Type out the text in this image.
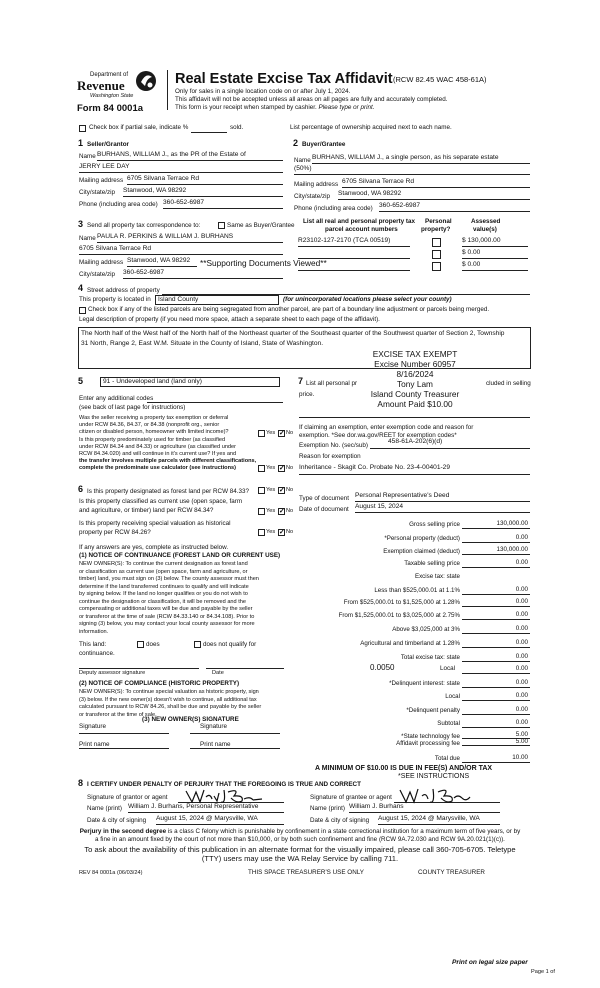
Department of
Revenue
Washington State
Form 84 0001a
Real Estate Excise Tax Affidavit (RCW 82.45 WAC 458-61A)
Only for sales in a single location code on or after July 1, 2024.
This affidavit will not be accepted unless all areas on all pages are fully and accurately completed.
This form is your receipt when stamped by cashier. Please type or print.
Check box if partial sale, indicate %	sold.	List percentage of ownership acquired next to each name.
1 Seller/Grantor
Name BURHANS, WILLIAM J., as the PR of the Estate of
JERRY LEE DAY
Mailing address 6705 Silvana Terrace Rd
City/state/zip Stanwood, WA 98292
Phone (including area code) 360-652-6987
2 Buyer/Grantee
Name BURHANS, WILLIAM J., a single person, as his separate estate
(50%)
Mailing address 6705 Silvana Terrace Rd
City/state/zip Stanwood, WA 98292
Phone (including area code) 360-652-6987
3 Send all property tax correspondence to:	Same as Buyer/Grantee
Name PAULA R. PERKINS & WILLIAM J. BURHANS
6705 Silvana Terrace Rd
Mailing address Stanwood, WA 98292 **Supporting Documents Viewed**
City/state/zip 360-652-6987
List all real and personal property tax
parcel account numbers
Personal
property?
Assessed
value(s)
R23102-127-2170 (TCA 00519)	$ 130,000.00
$ 0.00
$ 0.00
4 Street address of property
This property is located in Island County	(for unincorporated locations please select your county)
Check box if any of the listed parcels are being segregated from another parcel, are part of a boundary line adjustment or parcels being merged.
Legal description of property (if you need more space, attach a separate sheet to each page of the affidavit).
The North half of the West half of the North half of the Northeast quarter of the Southeast quarter of the Southwest quarter of Section 2, Township
31 North, Range 2, East W.M. Situate in the County of Island, State of Washington.
EXCISE TAX EXEMPT
Excise Number 60957
8/16/2024
Tony Lam
Island County Treasurer
Amount Paid $10.00
5	91 - Undeveloped land (land only)
Enter any additional codes
(see back of last page for instructions)
Was the seller receiving a property tax exemption or deferral
under RCW 84.36, 84.37, or 84.38 (nonprofit org., senior
citizen or disabled person, homeowner with limited income)?	Yes ✓ No
Is this property predominately used for timber (as classified
under RCW 84.34 and 84.33) or agriculture (as classified under
RCW 84.34.020) and will continue in it's current use? If yes and
the transfer involves multiple parcels with different classifications,
complete the predominate use calculator (see instructions)	Yes ✓ No
6 Is this property designated as forest land per RCW 84.33?	Yes ✓ No
Is this property classified as current use (open space, farm
and agriculture, or timber) land per RCW 84.34?	Yes ✓ No
Is this property receiving special valuation as historical
property per RCW 84.26?	Yes ✓ No
If any answers are yes, complete as instructed below.
(1) NOTICE OF CONTINUANCE (FOREST LAND OR CURRENT USE)
NEW OWNER(S): To continue the current designation as forest land
or classification as current use (open space, farm and agriculture, or
timber) land, you must sign on (3) below. The county assessor must then
determine if the land transferred continues to qualify and will indicate
by signing below. If the land no longer qualifies or you do not wish to
continue the designation or classification, it will be removed and the
compensating or additional taxes will be due and payable by the seller
or transferor at the time of sale (RCW 84.33.140 or 84.34.108). Prior to
signing (3) below, you may contact your local county assessor for more
information.
This land:	does	does not qualify for
continuance.
Deputy assessor signature	Date
(2) NOTICE OF COMPLIANCE (HISTORIC PROPERTY)
NEW OWNER(S): To continue special valuation as historic property, sign
(3) below. If the new owner(s) doesn't wish to continue, all additional tax
calculated pursuant to RCW 84.26, shall be due and payable by the seller
or transferor at the time of sale.
(3) NEW OWNER(S) SIGNATURE
Signature	Signature
Print name	Print name
7 List all personal pr	cluded in selling
price.
If claiming an exemption, enter exemption code and reason for
exemption. *See dor.wa.gov/REET for exemption codes*
Exemption No. (sec/sub)
458-61A-202(6)(d)
Reason for exemption
Inheritance - Skagit Co. Probate No. 23-4-00401-29
Type of document Personal Representative's Deed
Date of document August 15, 2024
Gross selling price	130,000.00
*Personal property (deduct)	0.00
Exemption claimed (deduct)	130,000.00
Taxable selling price	0.00
Excise tax: state
Less than $525,000.01 at 1.1%	0.00
From $525,000.01 to $1,525,000 at 1.28%	0.00
From $1,525,000.01 to $3,025,000 at 2.75%	0.00
Above $3,025,000 at 3%	0.00
Agricultural and timberland at 1.28%	0.00
Total excise tax: state	0.00
0.0050	Local	0.00
*Delinquent interest: state	0.00
Local	0.00
*Delinquent penalty	0.00
Subtotal	0.00
*State technology fee	5.00
Affidavit processing fee	5.00
Total due	10.00
A MINIMUM OF $10.00 IS DUE IN FEE(S) AND/OR TAX
*SEE INSTRUCTIONS
8 I CERTIFY UNDER PENALTY OF PERJURY THAT THE FOREGOING IS TRUE AND CORRECT
Signature of grantor or agent	Signature of grantee or agent
Name (print) William J. Burhans, Personal Representative	Name (print) William J. Burhans
Date & city of signing August 15, 2024 @ Marysville, WA	Date & city of signing August 15, 2024 @ Marysville, WA
Perjury in the second degree is a class C felony which is punishable by confinement in a state correctional institution for a maximum term of five years, or by
a fine in an amount fixed by the court of not more than $10,000, or by both such confinement and fine (RCW 9A.72.030 and RCW 9A.20.021(1)(c)).
To ask about the availability of this publication in an alternate format for the visually impaired, please call 360-705-6705. Teletype
(TTY) users may use the WA Relay Service by calling 711.
REV 84 0001a (06/03/24)	THIS SPACE TREASURER'S USE ONLY	COUNTY TREASURER
Print on legal size paper
Page 1 of
